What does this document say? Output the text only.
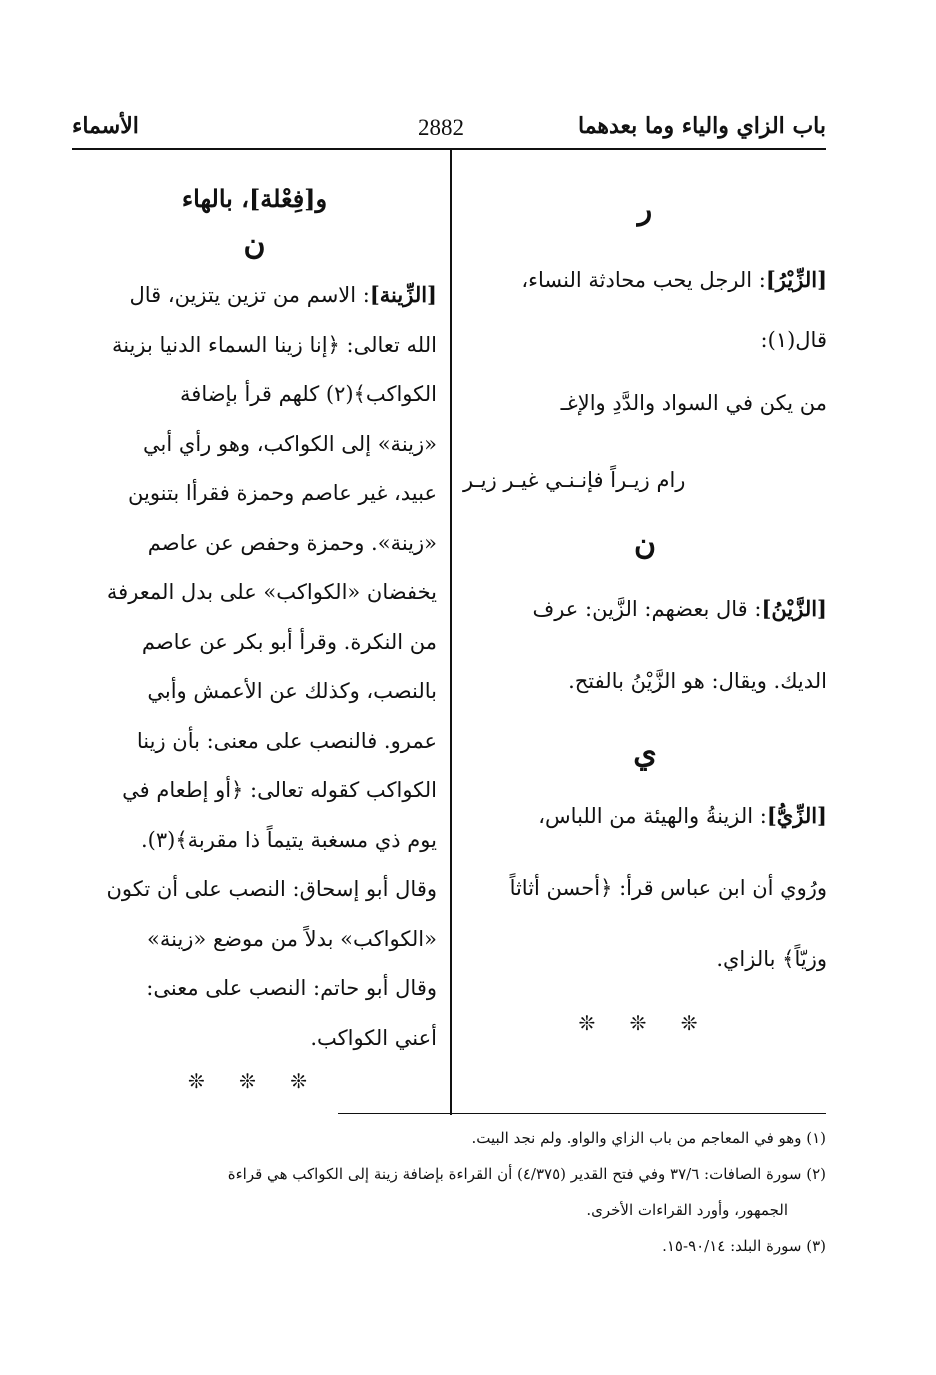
باب الزاي والياء وما بعدهما
2882
الأسماء

ر

[الزِّيْرُ]: الرجل يحب محادثة النساء،

قال(١):

من يكن في السواد والدَّدِ والإغـ

رام زيـراً فإنـنـي غيـر زيـر

ن

[الزَّيْنُ]: قال بعضهم: الزَّين: عرف

الديك. ويقال: هو الزَّيْنُ بالفتح.

ي

[الزِّيُّ]: الزينةُ والهيئة من اللباس،

ورُوي أن ابن عباس قرأ: ﴿أحسن أثاثاً

وزيّاً﴾ بالزاي.

❊ ❊ ❊

و[فِعْلة]، بالهاء

ن

[الزِّينة]: الاسم من تزين يتزين، قال

الله تعالى: ﴿إنا زينا السماء الدنيا بزينة

الكواكب﴾(٢) كلهم قرأ بإضافة

«زينة» إلى الكواكب، وهو رأي أبي

عبيد، غير عاصم وحمزة فقرأا بتنوين

«زينة». وحمزة وحفص عن عاصم

يخفضان «الكواكب» على بدل المعرفة

من النكرة. وقرأ أبو بكر عن عاصم

بالنصب، وكذلك عن الأعمش وأبي

عمرو. فالنصب على معنى: بأن زينا

الكواكب كقوله تعالى: ﴿أو إطعام في

يوم ذي مسغبة يتيماً ذا مقربة﴾(٣).

وقال أبو إسحاق: النصب على أن تكون

«الكواكب» بدلاً من موضع «زينة»

وقال أبو حاتم: النصب على معنى:

أعني الكواكب.

❊ ❊ ❊

(١) وهو في المعاجم من باب الزاي والواو. ولم نجد البيت.
(٢) سورة الصافات: ٣٧/٦ وفي فتح القدير (٤/٣٧٥) أن القراءة بإضافة زينة إلى الكواكب هي قراءة
الجمهور، وأورد القراءات الأخرى.
(٣) سورة البلد: ٩٠/١٤-١٥.
